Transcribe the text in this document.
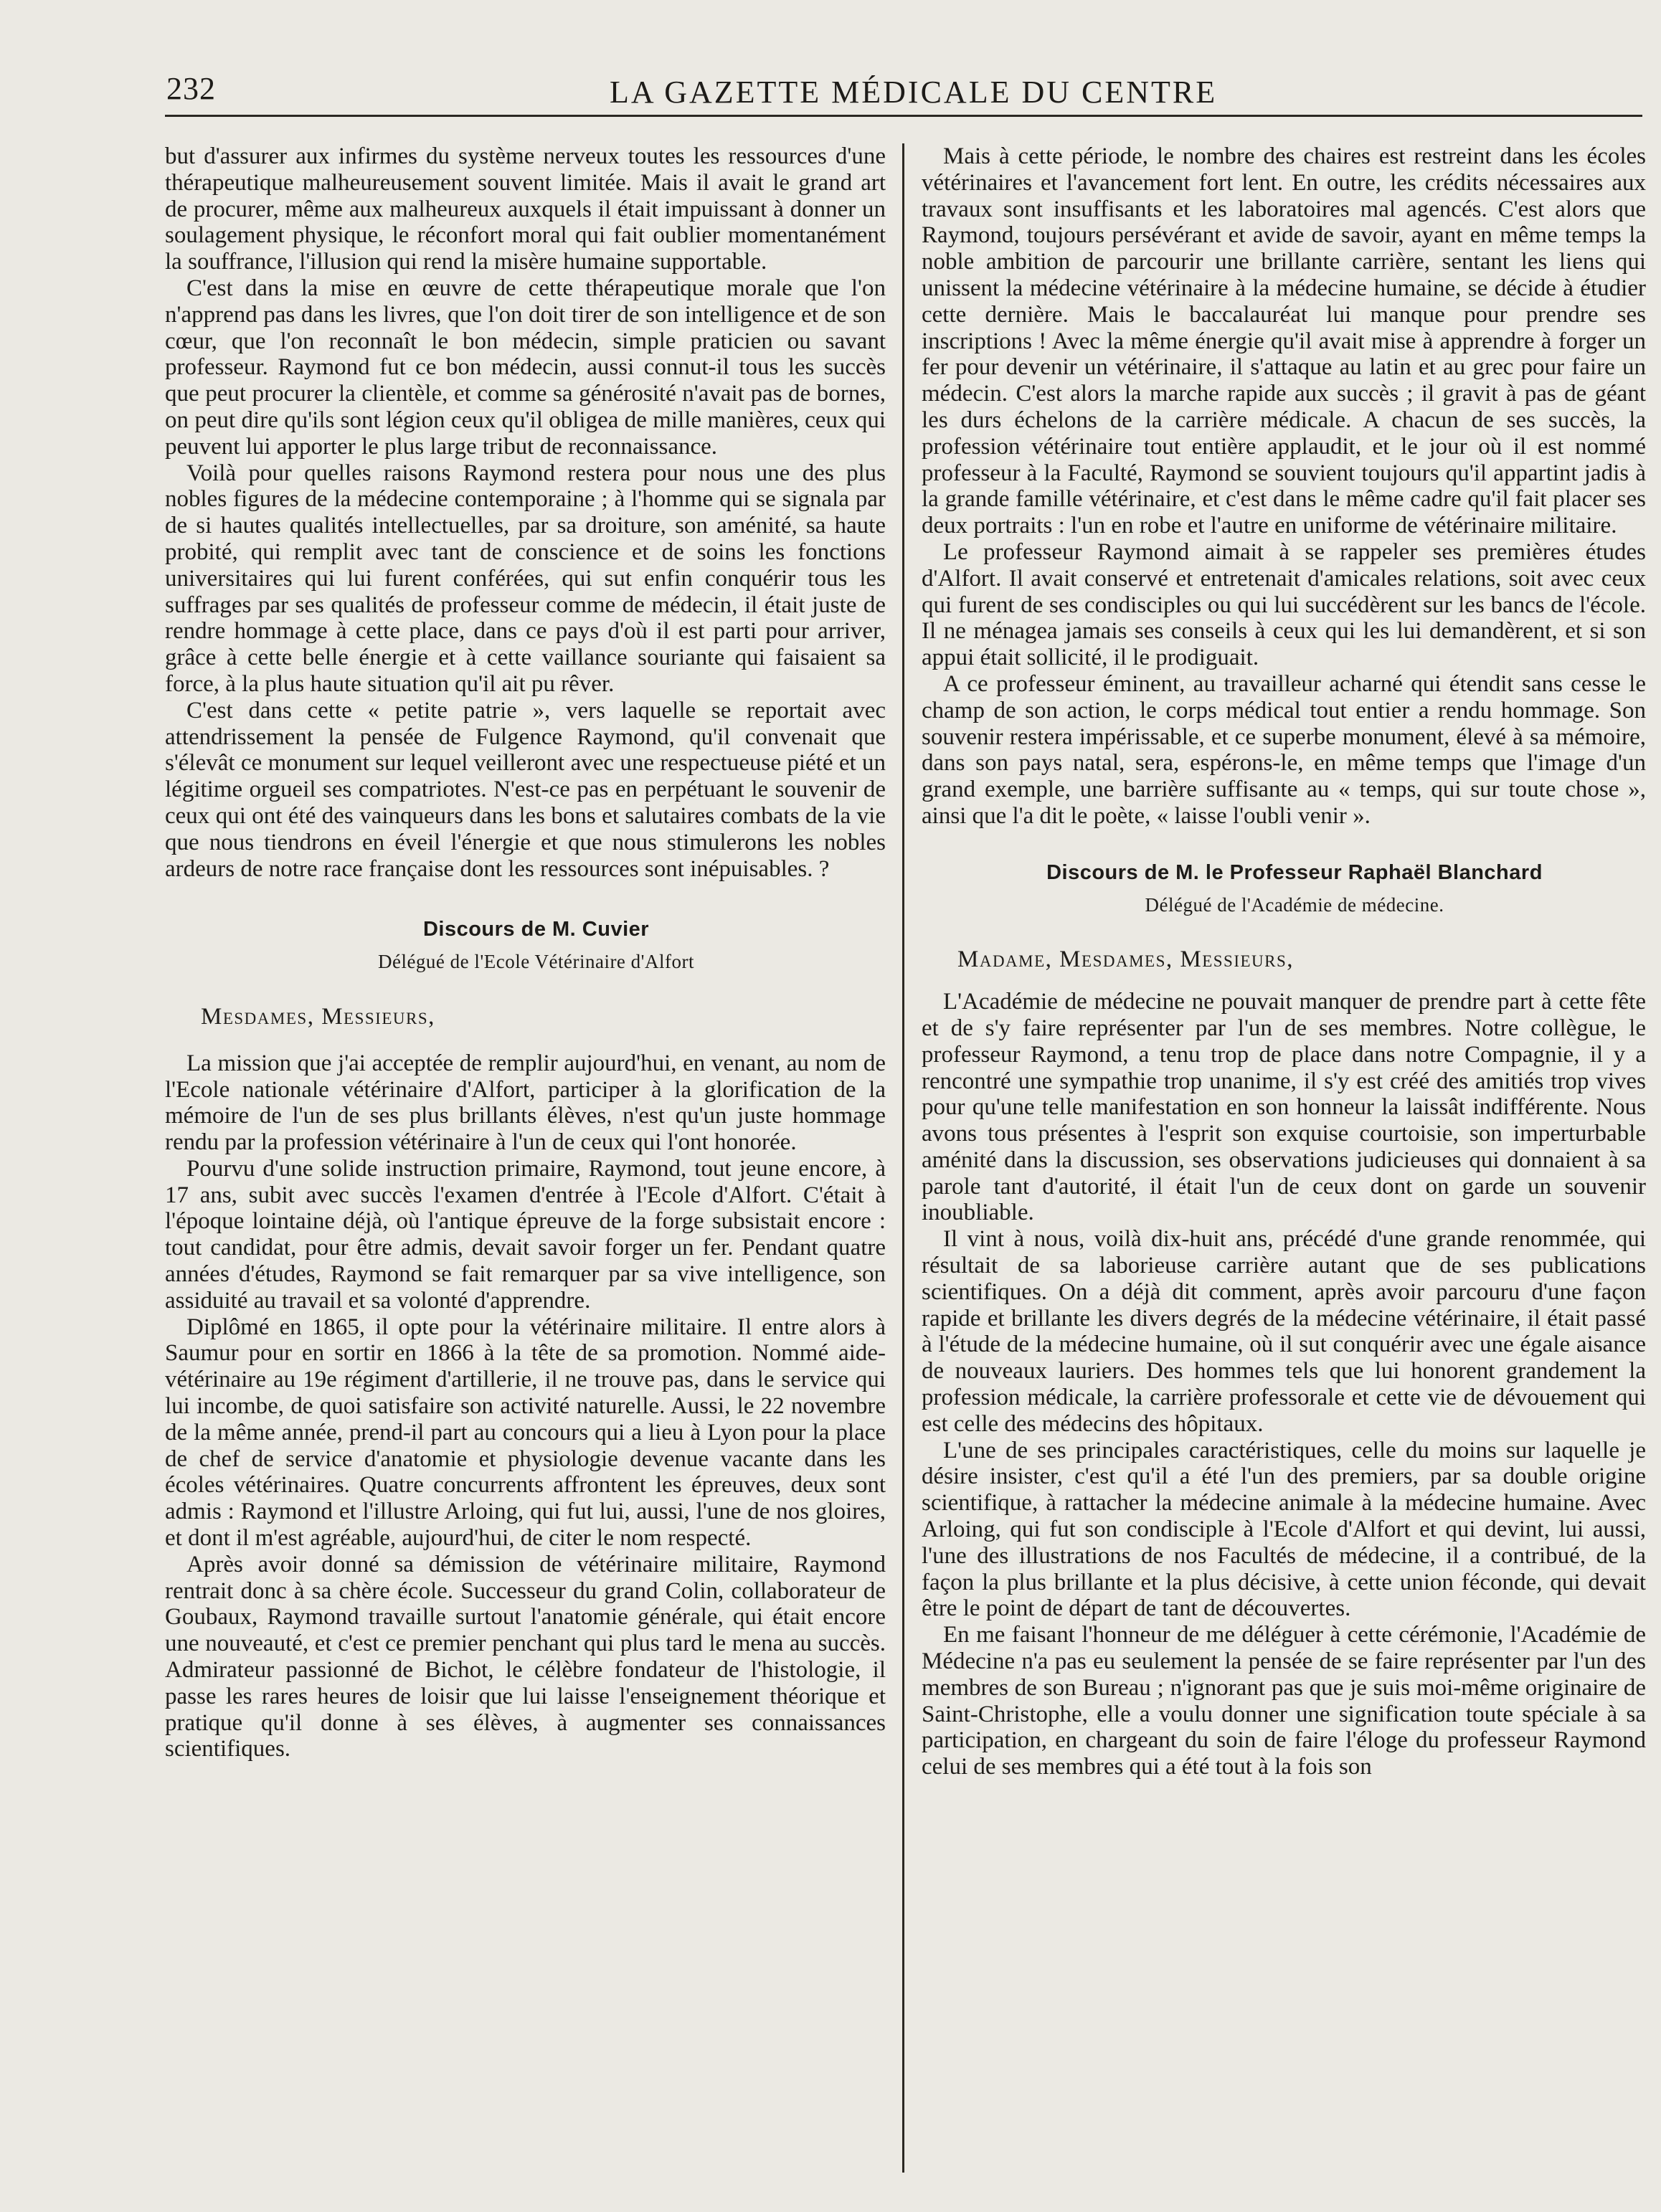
232	LA GAZETTE MÉDICALE DU CENTRE

but d'assurer aux infirmes du système nerveux toutes les ressources d'une thérapeutique malheureusement souvent limitée. Mais il avait le grand art de procurer, même aux malheureux auxquels il était impuissant à donner un soulagement physique, le réconfort moral qui fait oublier momentanément la souffrance, l'illusion qui rend la misère humaine supportable.

C'est dans la mise en œuvre de cette thérapeutique morale que l'on n'apprend pas dans les livres, que l'on doit tirer de son intelligence et de son cœur, que l'on reconnaît le bon médecin, simple praticien ou savant professeur. Raymond fut ce bon médecin, aussi connut-il tous les succès que peut procurer la clientèle, et comme sa générosité n'avait pas de bornes, on peut dire qu'ils sont légion ceux qu'il obligea de mille manières, ceux qui peuvent lui apporter le plus large tribut de reconnaissance.

Voilà pour quelles raisons Raymond restera pour nous une des plus nobles figures de la médecine contemporaine ; à l'homme qui se signala par de si hautes qualités intellectuelles, par sa droiture, son aménité, sa haute probité, qui remplit avec tant de conscience et de soins les fonctions universitaires qui lui furent conférées, qui sut enfin conquérir tous les suffrages par ses qualités de professeur comme de médecin, il était juste de rendre hommage à cette place, dans ce pays d'où il est parti pour arriver, grâce à cette belle énergie et à cette vaillance souriante qui faisaient sa force, à la plus haute situation qu'il ait pu rêver.

C'est dans cette « petite patrie », vers laquelle se reportait avec attendrissement la pensée de Fulgence Raymond, qu'il convenait que s'élevât ce monument sur lequel veilleront avec une respectueuse piété et un légitime orgueil ses compatriotes. N'est-ce pas en perpétuant le souvenir de ceux qui ont été des vainqueurs dans les bons et salutaires combats de la vie que nous tiendrons en éveil l'énergie et que nous stimulerons les nobles ardeurs de notre race française dont les ressources sont inépuisables. ?

Discours de M. Cuvier

Délégué de l'Ecole Vétérinaire d'Alfort

Mesdames, Messieurs,

La mission que j'ai acceptée de remplir aujourd'hui, en venant, au nom de l'Ecole nationale vétérinaire d'Alfort, participer à la glorification de la mémoire de l'un de ses plus brillants élèves, n'est qu'un juste hommage rendu par la profession vétérinaire à l'un de ceux qui l'ont honorée.

Pourvu d'une solide instruction primaire, Raymond, tout jeune encore, à 17 ans, subit avec succès l'examen d'entrée à l'Ecole d'Alfort. C'était à l'époque lointaine déjà, où l'antique épreuve de la forge subsistait encore : tout candidat, pour être admis, devait savoir forger un fer. Pendant quatre années d'études, Raymond se fait remarquer par sa vive intelligence, son assiduité au travail et sa volonté d'apprendre.

Diplômé en 1865, il opte pour la vétérinaire militaire. Il entre alors à Saumur pour en sortir en 1866 à la tête de sa promotion. Nommé aide-vétérinaire au 19e régiment d'artillerie, il ne trouve pas, dans le service qui lui incombe, de quoi satisfaire son activité naturelle. Aussi, le 22 novembre de la même année, prend-il part au concours qui a lieu à Lyon pour la place de chef de service d'anatomie et physiologie devenue vacante dans les écoles vétérinaires. Quatre concurrents affrontent les épreuves, deux sont admis : Raymond et l'illustre Arloing, qui fut lui, aussi, l'une de nos gloires, et dont il m'est agréable, aujourd'hui, de citer le nom respecté.

Après avoir donné sa démission de vétérinaire militaire, Raymond rentrait donc à sa chère école. Successeur du grand Colin, collaborateur de Goubaux, Raymond travaille surtout l'anatomie générale, qui était encore une nouveauté, et c'est ce premier penchant qui plus tard le mena au succès. Admirateur passionné de Bichot, le célèbre fondateur de l'histologie, il passe les rares heures de loisir que lui laisse l'enseignement théorique et pratique qu'il donne à ses élèves, à augmenter ses connaissances scientifiques.

Mais à cette période, le nombre des chaires est restreint dans les écoles vétérinaires et l'avancement fort lent. En outre, les crédits nécessaires aux travaux sont insuffisants et les laboratoires mal agencés. C'est alors que Raymond, toujours persévérant et avide de savoir, ayant en même temps la noble ambition de parcourir une brillante carrière, sentant les liens qui unissent la médecine vétérinaire à la médecine humaine, se décide à étudier cette dernière. Mais le baccalauréat lui manque pour prendre ses inscriptions ! Avec la même énergie qu'il avait mise à apprendre à forger un fer pour devenir un vétérinaire, il s'attaque au latin et au grec pour faire un médecin. C'est alors la marche rapide aux succès ; il gravit à pas de géant les durs échelons de la carrière médicale. A chacun de ses succès, la profession vétérinaire tout entière applaudit, et le jour où il est nommé professeur à la Faculté, Raymond se souvient toujours qu'il appartint jadis à la grande famille vétérinaire, et c'est dans le même cadre qu'il fait placer ses deux portraits : l'un en robe et l'autre en uniforme de vétérinaire militaire.

Le professeur Raymond aimait à se rappeler ses premières études d'Alfort. Il avait conservé et entretenait d'amicales relations, soit avec ceux qui furent de ses condisciples ou qui lui succédèrent sur les bancs de l'école. Il ne ménagea jamais ses conseils à ceux qui les lui demandèrent, et si son appui était sollicité, il le prodiguait.

A ce professeur éminent, au travailleur acharné qui étendit sans cesse le champ de son action, le corps médical tout entier a rendu hommage. Son souvenir restera impérissable, et ce superbe monument, élevé à sa mémoire, dans son pays natal, sera, espérons-le, en même temps que l'image d'un grand exemple, une barrière suffisante au « temps, qui sur toute chose », ainsi que l'a dit le poète, « laisse l'oubli venir ».

Discours de M. le Professeur Raphaël Blanchard

Délégué de l'Académie de médecine.

Madame, Mesdames, Messieurs,

L'Académie de médecine ne pouvait manquer de prendre part à cette fête et de s'y faire représenter par l'un de ses membres. Notre collègue, le professeur Raymond, a tenu trop de place dans notre Compagnie, il y a rencontré une sympathie trop unanime, il s'y est créé des amitiés trop vives pour qu'une telle manifestation en son honneur la laissât indifférente. Nous avons tous présentes à l'esprit son exquise courtoisie, son imperturbable aménité dans la discussion, ses observations judicieuses qui donnaient à sa parole tant d'autorité, il était l'un de ceux dont on garde un souvenir inoubliable.

Il vint à nous, voilà dix-huit ans, précédé d'une grande renommée, qui résultait de sa laborieuse carrière autant que de ses publications scientifiques. On a déjà dit comment, après avoir parcouru d'une façon rapide et brillante les divers degrés de la médecine vétérinaire, il était passé à l'étude de la médecine humaine, où il sut conquérir avec une égale aisance de nouveaux lauriers. Des hommes tels que lui honorent grandement la profession médicale, la carrière professorale et cette vie de dévouement qui est celle des médecins des hôpitaux.

L'une de ses principales caractéristiques, celle du moins sur laquelle je désire insister, c'est qu'il a été l'un des premiers, par sa double origine scientifique, à rattacher la médecine animale à la médecine humaine. Avec Arloing, qui fut son condisciple à l'Ecole d'Alfort et qui devint, lui aussi, l'une des illustrations de nos Facultés de médecine, il a contribué, de la façon la plus brillante et la plus décisive, à cette union féconde, qui devait être le point de départ de tant de découvertes.

En me faisant l'honneur de me déléguer à cette cérémonie, l'Académie de Médecine n'a pas eu seulement la pensée de se faire représenter par l'un des membres de son Bureau ; n'ignorant pas que je suis moi-même originaire de Saint-Christophe, elle a voulu donner une signification toute spéciale à sa participation, en chargeant du soin de faire l'éloge du professeur Raymond celui de ses membres qui a été tout à la fois son
